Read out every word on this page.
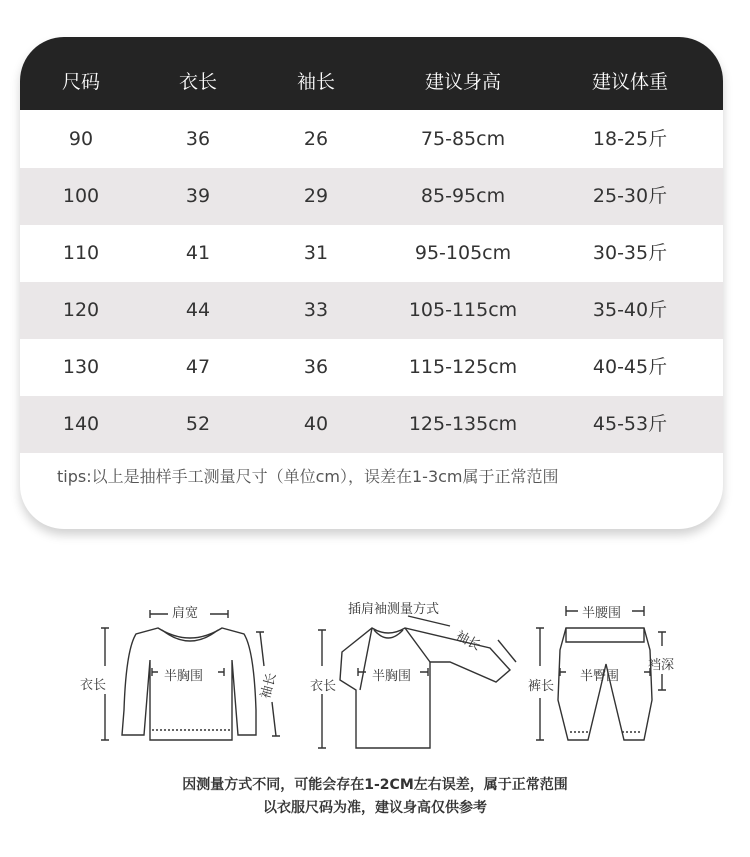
尺码	衣长	袖长	建议身高	建议体重
90	36	26	75-85cm	18-25斤
100	39	29	85-95cm	25-30斤
110	41	31	95-105cm	30-35斤
120	44	33	105-115cm	35-40斤
130	47	36	115-125cm	40-45斤
140	52	40	125-135cm	45-53斤
tips:以上是抽样手工测量尺寸（单位cm），误差在1-3cm属于正常范围
肩宽
半胸围
衣长	袖长
插肩袖测量方式
袖长
半胸围
衣长
半腰围
半臀围
裤长
裆深
因测量方式不同，可能会存在1-2CM左右误差，属于正常范围
以衣服尺码为准，建议身高仅供参考
